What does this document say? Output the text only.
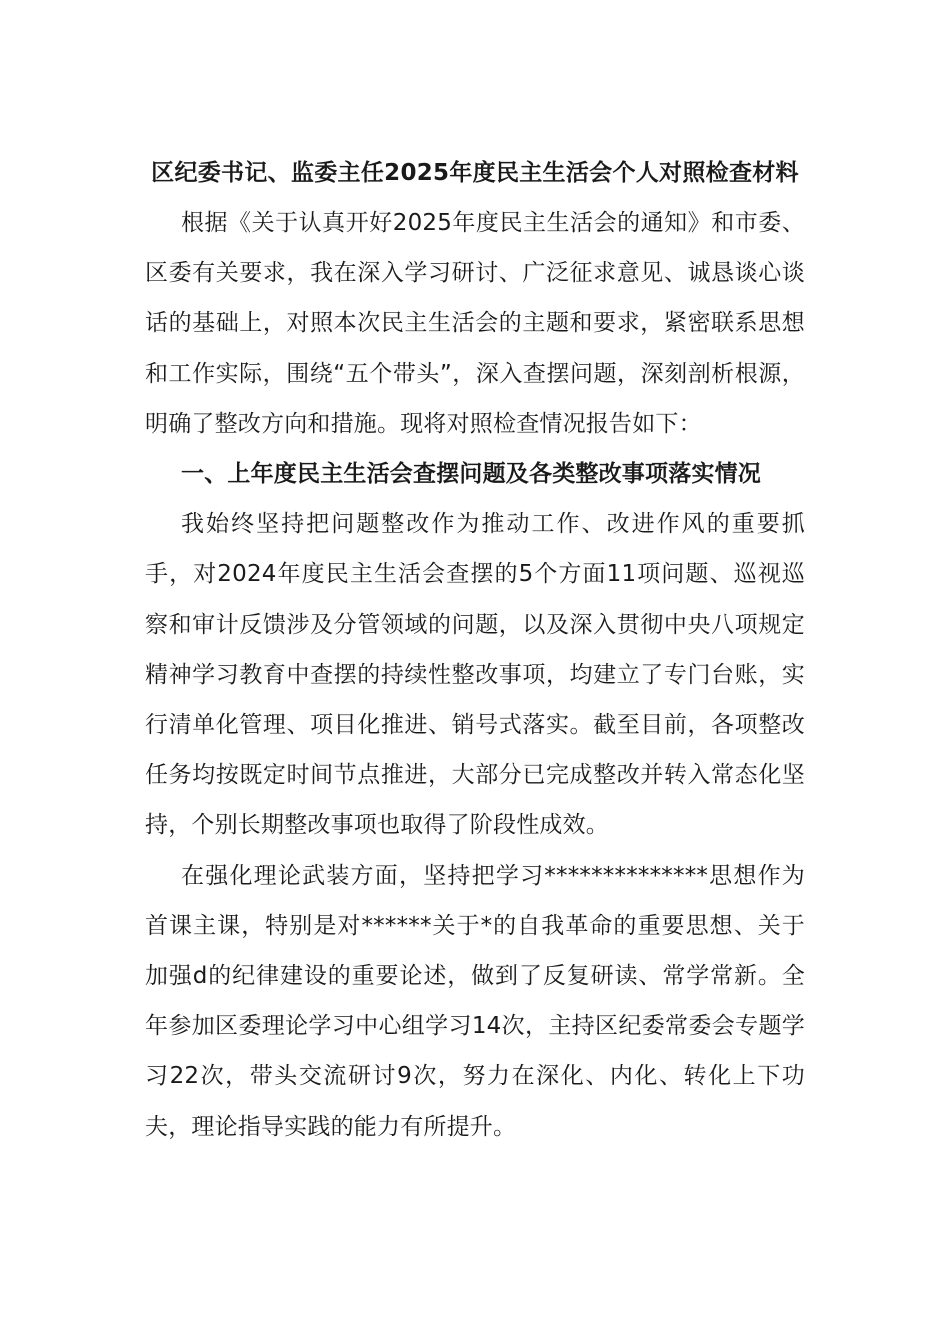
区纪委书记、监委主任2025年度民主生活会个人对照检查材料

根据《关于认真开好2025年度民主生活会的通知》和市委、区委有关要求，我在深入学习研讨、广泛征求意见、诚恳谈心谈话的基础上，对照本次民主生活会的主题和要求，紧密联系思想和工作实际，围绕“五个带头”，深入查摆问题，深刻剖析根源，明确了整改方向和措施。现将对照检查情况报告如下：

一、上年度民主生活会查摆问题及各类整改事项落实情况

我始终坚持把问题整改作为推动工作、改进作风的重要抓手，对2024年度民主生活会查摆的5个方面11项问题、巡视巡察和审计反馈涉及分管领域的问题，以及深入贯彻中央八项规定精神学习教育中查摆的持续性整改事项，均建立了专门台账，实行清单化管理、项目化推进、销号式落实。截至目前，各项整改任务均按既定时间节点推进，大部分已完成整改并转入常态化坚持，个别长期整改事项也取得了阶段性成效。

在强化理论武装方面，坚持把学习**************思想作为首课主课，特别是对******关于*的自我革命的重要思想、关于加强d的纪律建设的重要论述，做到了反复研读、常学常新。全年参加区委理论学习中心组学习14次，主持区纪委常委会专题学习22次，带头交流研讨9次，努力在深化、内化、转化上下功夫，理论指导实践的能力有所提升。
